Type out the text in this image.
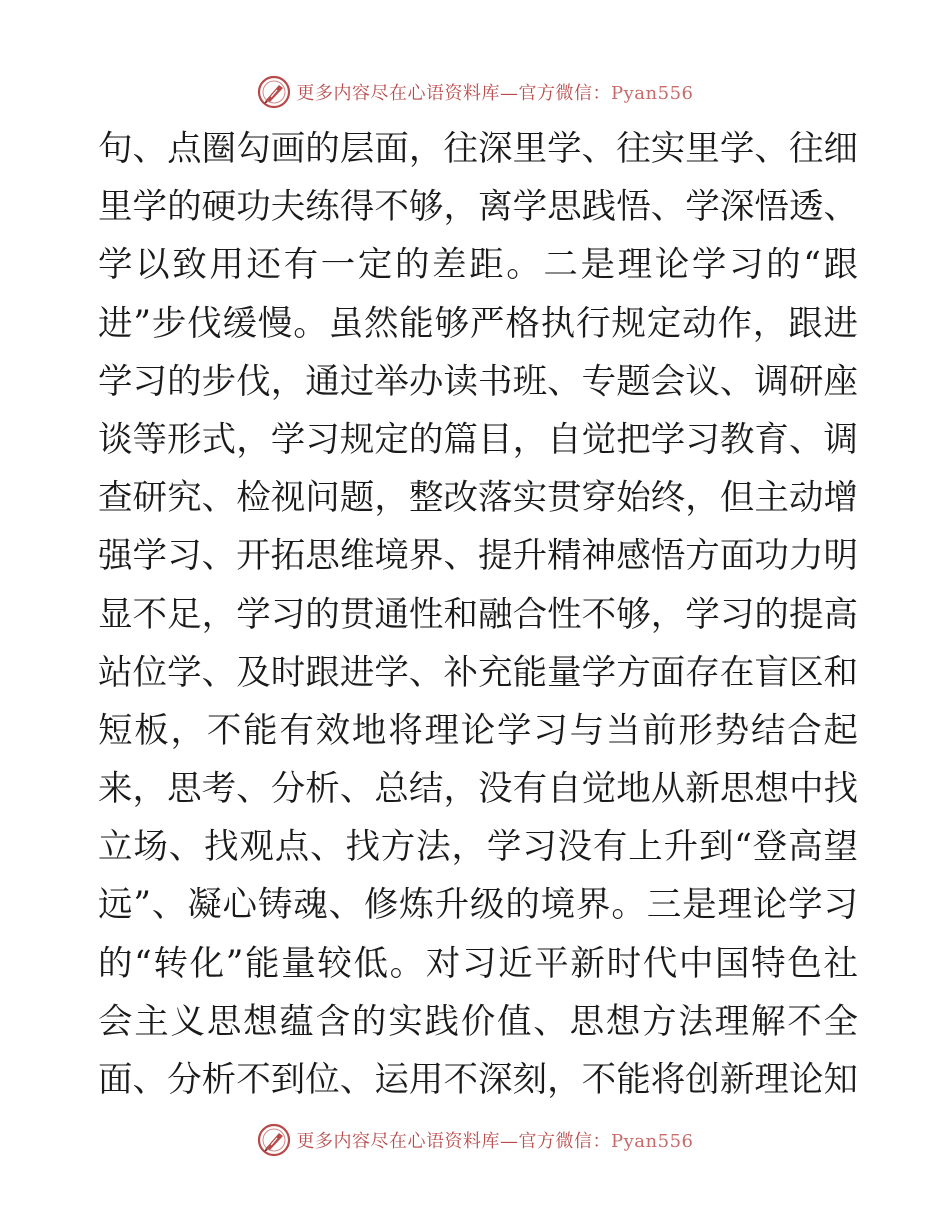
更多内容尽在心语资料库—官方微信：Pyan556
句、点圈勾画的层面，往深里学、往实里学、往细
里学的硬功夫练得不够，离学思践悟、学深悟透、
学以致用还有一定的差距。二是理论学习的“跟
进”步伐缓慢。虽然能够严格执行规定动作，跟进
学习的步伐，通过举办读书班、专题会议、调研座
谈等形式，学习规定的篇目，自觉把学习教育、调
查研究、检视问题，整改落实贯穿始终，但主动增
强学习、开拓思维境界、提升精神感悟方面功力明
显不足，学习的贯通性和融合性不够，学习的提高
站位学、及时跟进学、补充能量学方面存在盲区和
短板，不能有效地将理论学习与当前形势结合起
来，思考、分析、总结，没有自觉地从新思想中找
立场、找观点、找方法，学习没有上升到“登高望
远”、凝心铸魂、修炼升级的境界。三是理论学习
的“转化”能量较低。对习近平新时代中国特色社
会主义思想蕴含的实践价值、思想方法理解不全
面、分析不到位、运用不深刻，不能将创新理论知
更多内容尽在心语资料库—官方微信：Pyan556
